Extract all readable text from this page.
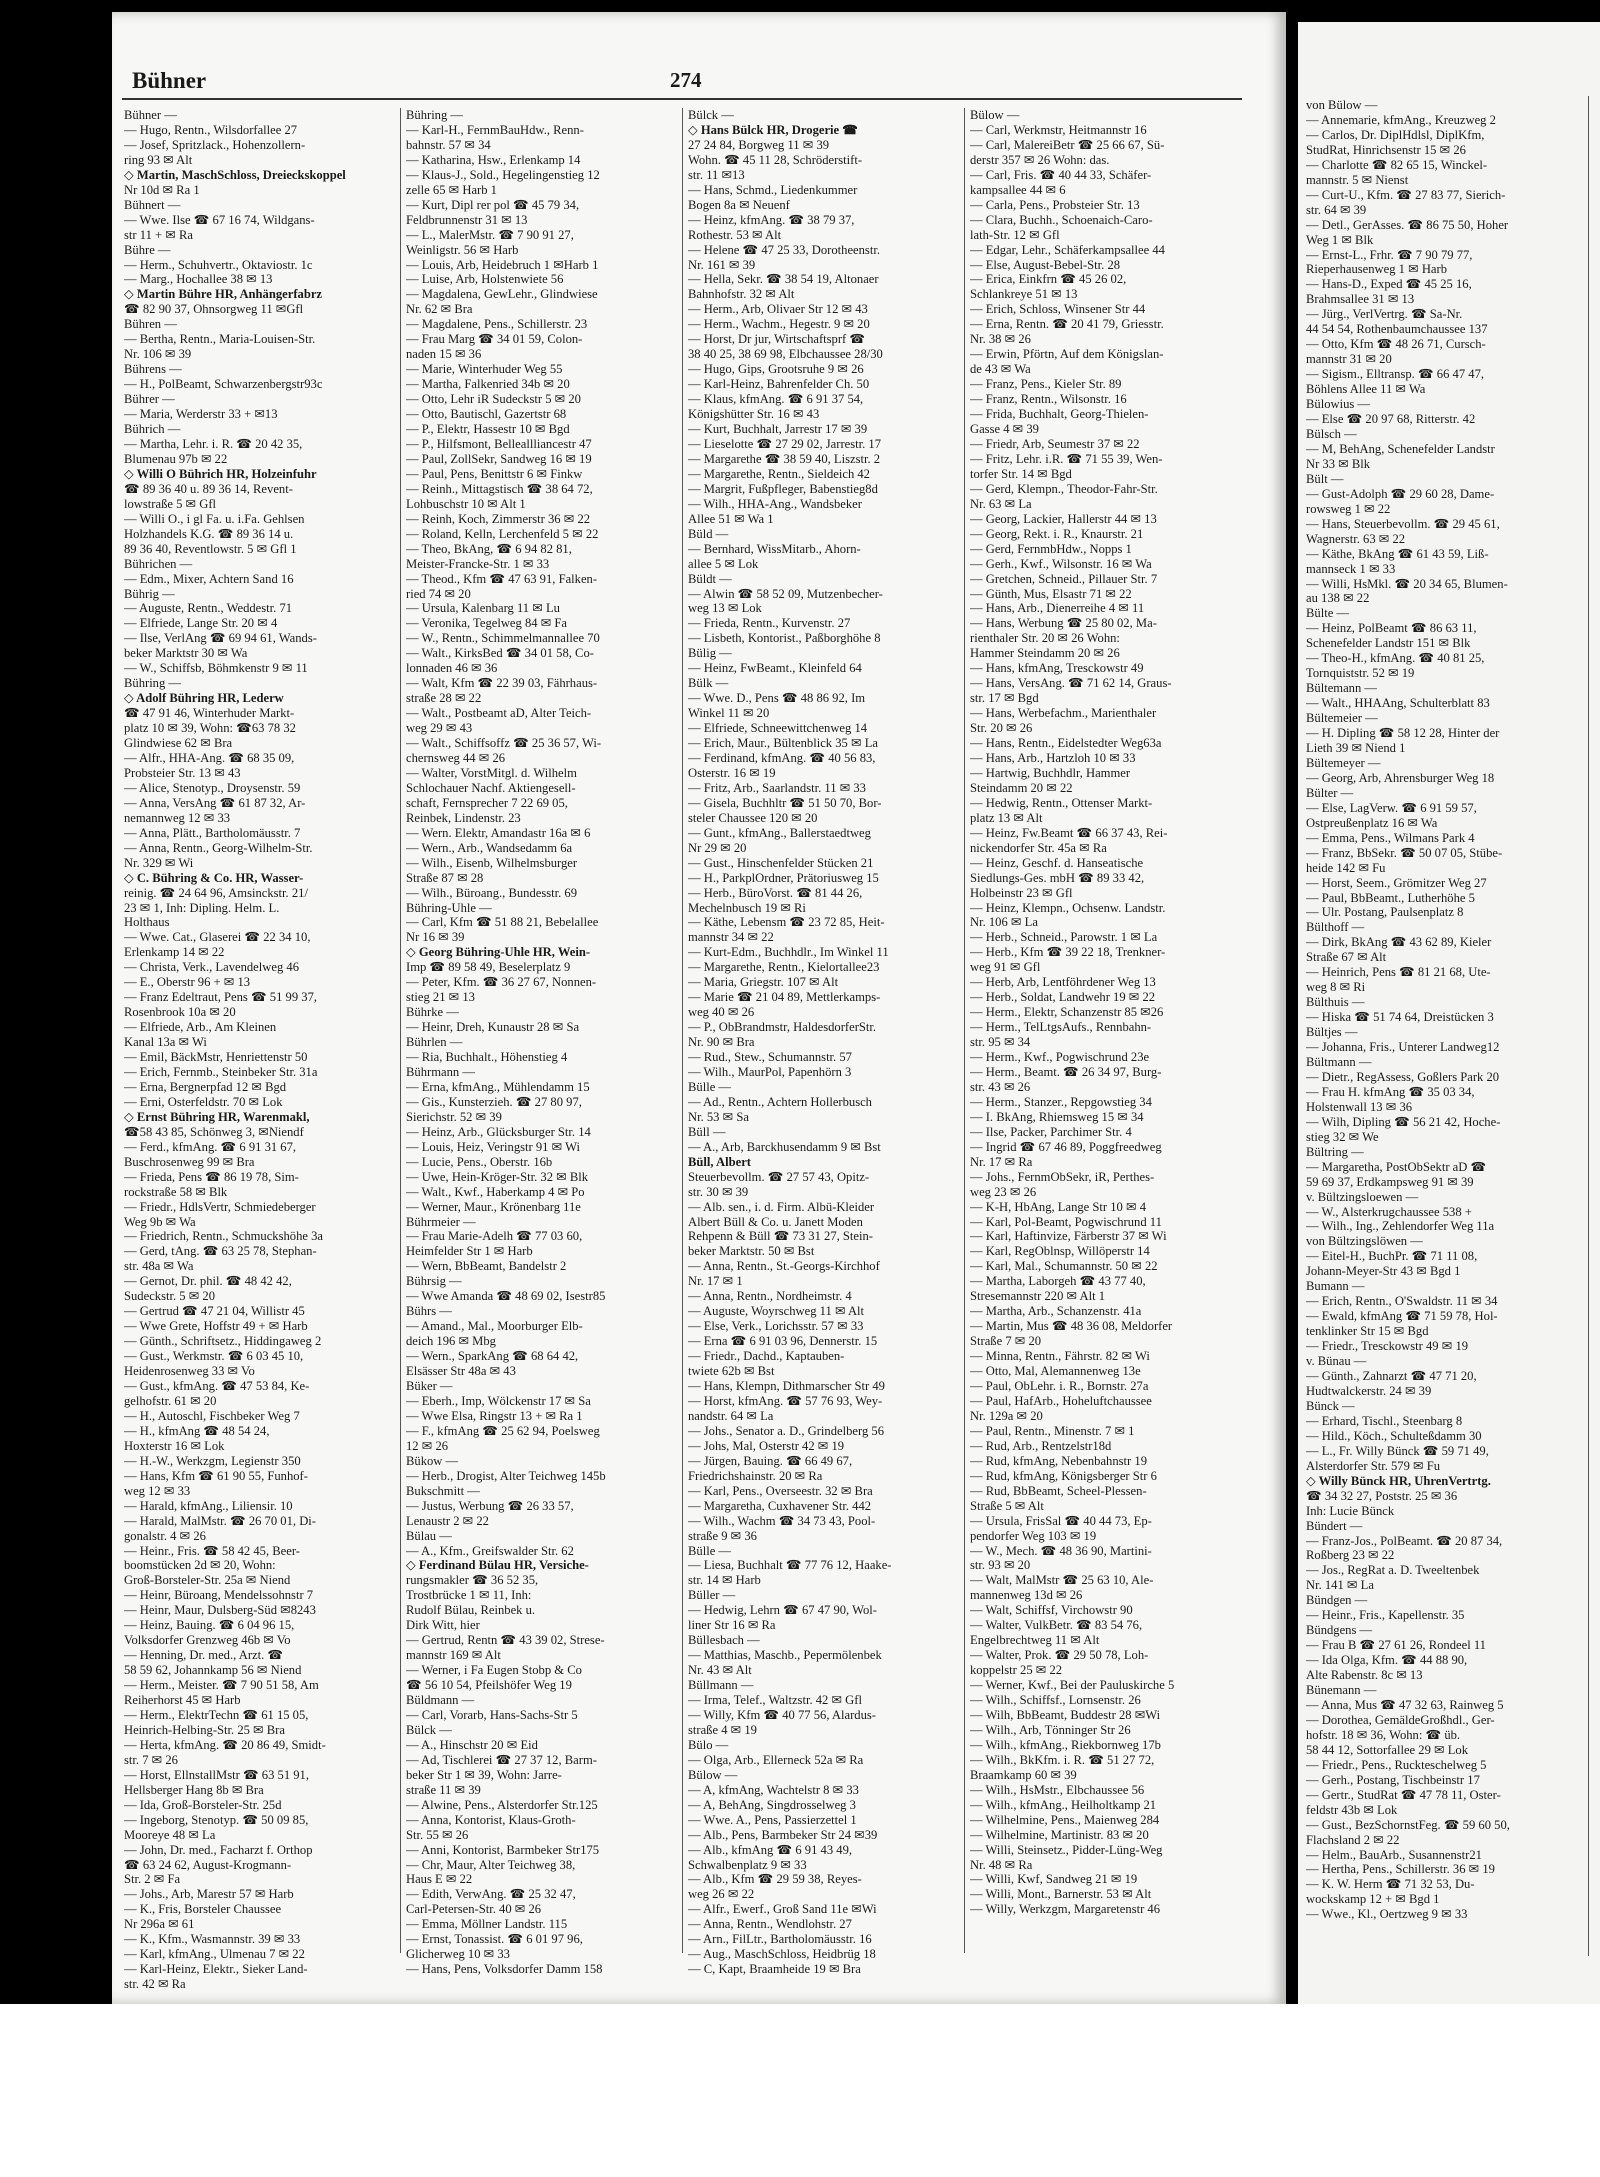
Bühner	274
Bühner —
— Hugo, Rentn., Wilsdorfallee 27
— Josef, Spritzlack., Hohenzollern-
ring 93 ✉ Alt
◇ Martin, MaschSchloss, Dreieckskoppel
Nr 10d ✉ Ra 1
Bühnert —
— Wwe. Ilse ☎ 67 16 74, Wildgans-
str 11 + ✉ Ra
Bühre —
— Herm., Schuhvertr., Oktaviostr. 1c
— Marg., Hochallee 38 ✉ 13
◇ Martin Bühre HR, Anhängerfabrz
☎ 82 90 37, Ohnsorgweg 11 ✉Gfl
Bühren —
— Bertha, Rentn., Maria-Louisen-Str.
Nr. 106 ✉ 39
Bührens —
— H., PolBeamt, Schwarzenbergstr93c
Bührer —
— Maria, Werderstr 33 + ✉13
Bührich —
— Martha, Lehr. i. R. ☎ 20 42 35,
Blumenau 97b ✉ 22
◇ Willi O Bührich HR, Holzeinfuhr
☎ 89 36 40 u. 89 36 14, Revent-
lowstraße 5 ✉ Gfl
— Willi O., i gl Fa. u. i.Fa. Gehlsen
Holzhandels K.G. ☎ 89 36 14 u.
89 36 40, Reventlowstr. 5 ✉ Gfl 1
Bührichen —
— Edm., Mixer, Achtern Sand 16
Bührig —
— Auguste, Rentn., Weddestr. 71
— Elfriede, Lange Str. 20 ✉ 4
— Ilse, VerlAng ☎ 69 94 61, Wands-
beker Marktstr 30 ✉ Wa
— W., Schiffsb, Böhmkenstr 9 ✉ 11
Bühring —
◇ Adolf Bühring HR, Lederw
☎ 47 91 46, Winterhuder Markt-
platz 10 ✉ 39, Wohn: ☎63 78 32
Glindwiese 62 ✉ Bra
— Alfr., HHA-Ang. ☎ 68 35 09,
Probsteier Str. 13 ✉ 43
— Alice, Stenotyp., Droysenstr. 59
— Anna, VersAng ☎ 61 87 32, Ar-
nemannweg 12 ✉ 33
— Anna, Plätt., Bartholomäusstr. 7
— Anna, Rentn., Georg-Wilhelm-Str.
Nr. 329 ✉ Wi
◇ C. Bühring & Co. HR, Wasser-
reinig. ☎ 24 64 96, Amsinckstr. 21/
23 ✉ 1, Inh: Dipling. Helm. L.
Holthaus
— Wwe. Cat., Glaserei ☎ 22 34 10,
Erlenkamp 14 ✉ 22
— Christa, Verk., Lavendelweg 46
— E., Oberstr 96 + ✉ 13
— Franz Edeltraut, Pens ☎ 51 99 37,
Rosenbrook 10a ✉ 20
— Elfriede, Arb., Am Kleinen
Kanal 13a ✉ Wi
— Emil, BäckMstr, Henriettenstr 50
— Erich, Fernmb., Steinbeker Str. 31a
— Erna, Bergnerpfad 12 ✉ Bgd
— Erni, Osterfeldstr. 70 ✉ Lok
◇ Ernst Bühring HR, Warenmakl,
☎58 43 85, Schönweg 3, ✉Niendf
— Ferd., kfmAng. ☎ 6 91 31 67,
Buschrosenweg 99 ✉ Bra
— Frieda, Pens ☎ 86 19 78, Sim-
rockstraße 58 ✉ Blk
— Friedr., HdlsVertr, Schmiedeberger
Weg 9b ✉ Wa
— Friedrich, Rentn., Schmuckshöhe 3a
— Gerd, tAng. ☎ 63 25 78, Stephan-
str. 48a ✉ Wa
— Gernot, Dr. phil. ☎ 48 42 42,
Sudeckstr. 5 ✉ 20
— Gertrud ☎ 47 21 04, Willistr 45
— Wwe Grete, Hoffstr 49 + ✉ Harb
— Günth., Schriftsetz., Hiddingaweg 2
— Gust., Werkmstr. ☎ 6 03 45 10,
Heidenrosenweg 33 ✉ Vo
— Gust., kfmAng. ☎ 47 53 84, Ke-
gelhofstr. 61 ✉ 20
— H., Autoschl, Fischbeker Weg 7
— H., kfmAng ☎ 48 54 24,
Hoxterstr 16 ✉ Lok
— H.-W., Werkzgm, Legienstr 350
— Hans, Kfm ☎ 61 90 55, Funhof-
weg 12 ✉ 33
— Harald, kfmAng., Liliensir. 10
— Harald, MalMstr. ☎ 26 70 01, Di-
gonalstr. 4 ✉ 26
— Heinr., Fris. ☎ 58 42 45, Beer-
boomstücken 2d ✉ 20, Wohn:
Groß-Borsteler-Str. 25a ✉ Niend
— Heinr, Büroang, Mendelssohnstr 7
— Heinr, Maur, Dulsberg-Süd ✉8243
— Heinz, Bauing. ☎ 6 04 96 15,
Volksdorfer Grenzweg 46b ✉ Vo
— Henning, Dr. med., Arzt. ☎
58 59 62, Johannkamp 56 ✉ Niend
— Herm., Meister. ☎ 7 90 51 58, Am
Reiherhorst 45 ✉ Harb
— Herm., ElektrTechn ☎ 61 15 05,
Heinrich-Helbing-Str. 25 ✉ Bra
— Herta, kfmAng. ☎ 20 86 49, Smidt-
str. 7 ✉ 26
— Horst, EllnstallMstr ☎ 63 51 91,
Hellsberger Hang 8b ✉ Bra
— Ida, Groß-Borsteler-Str. 25d
— Ingeborg, Stenotyp. ☎ 50 09 85,
Mooreye 48 ✉ La
— John, Dr. med., Facharzt f. Orthop
☎ 63 24 62, August-Krogmann-
Str. 2 ✉ Fa
— Johs., Arb, Marestr 57 ✉ Harb
— K., Fris, Borsteler Chaussee
Nr 296a ✉ 61
— K., Kfm., Wasmannstr. 39 ✉ 33
— Karl, kfmAng., Ulmenau 7 ✉ 22
— Karl-Heinz, Elektr., Sieker Land-
str. 42 ✉ Ra
Bühring —
— Karl-H., FernmBauHdw., Renn-
bahnstr. 57 ✉ 34
— Katharina, Hsw., Erlenkamp 14
— Klaus-J., Sold., Hegelingenstieg 12
zelle 65 ✉ Harb 1
— Kurt, Dipl rer pol ☎ 45 79 34,
Feldbrunnenstr 31 ✉ 13
— L., MalerMstr. ☎ 7 90 91 27,
Weinligstr. 56 ✉ Harb
— Louis, Arb, Heidebruch 1 ✉Harb 1
— Luise, Arb, Holstenwiete 56
— Magdalena, GewLehr., Glindwiese
Nr. 62 ✉ Bra
— Magdalene, Pens., Schillerstr. 23
— Frau Marg ☎ 34 01 59, Colon-
naden 15 ✉ 36
— Marie, Winterhuder Weg 55
— Martha, Falkenried 34b ✉ 20
— Otto, Lehr iR Sudeckstr 5 ✉ 20
— Otto, Bautischl, Gazertstr 68
— P., Elektr, Hassestr 10 ✉ Bgd
— P., Hilfsmont, Belleallliancestr 47
— Paul, ZollSekr, Sandweg 16 ✉ 19
— Paul, Pens, Benittstr 6 ✉ Finkw
— Reinh., Mittagstisch ☎ 38 64 72,
Lohbuschstr 10 ✉ Alt 1
— Reinh, Koch, Zimmerstr 36 ✉ 22
— Roland, Kelln, Lerchenfeld 5 ✉ 22
— Theo, BkAng, ☎ 6 94 82 81,
Meister-Francke-Str. 1 ✉ 33
— Theod., Kfm ☎ 47 63 91, Falken-
ried 74 ✉ 20
— Ursula, Kalenbarg 11 ✉ Lu
— Veronika, Tegelweg 84 ✉ Fa
— W., Rentn., Schimmelmannallee 70
— Walt., KirksBed ☎ 34 01 58, Co-
lonnaden 46 ✉ 36
— Walt, Kfm ☎ 22 39 03, Fährhaus-
straße 28 ✉ 22
— Walt., Postbeamt aD, Alter Teich-
weg 29 ✉ 43
— Walt., Schiffsoffz ☎ 25 36 57, Wi-
chernsweg 44 ✉ 26
— Walter, VorstMitgl. d. Wilhelm
Schlochauer Nachf. Aktiengesell-
schaft, Fernsprecher 7 22 69 05,
Reinbek, Lindenstr. 23
— Wern. Elektr, Amandastr 16a ✉ 6
— Wern., Arb., Wandsedamm 6a
— Wilh., Eisenb, Wilhelmsburger
Straße 87 ✉ 28
— Wilh., Büroang., Bundesstr. 69
Bühring-Uhle —
— Carl, Kfm ☎ 51 88 21, Bebelallee
Nr 16 ✉ 39
◇ Georg Bühring-Uhle HR, Wein-
Imp ☎ 89 58 49, Beselerplatz 9
— Peter, Kfm. ☎ 36 27 67, Nonnen-
stieg 21 ✉ 13
Bührke —
— Heinr, Dreh, Kunaustr 28 ✉ Sa
Bührlen —
— Ria, Buchhalt., Höhenstieg 4
Bührmann —
— Erna, kfmAng., Mühlendamm 15
— Gis., Kunsterzieh. ☎ 27 80 97,
Sierichstr. 52 ✉ 39
— Heinz, Arb., Glücksburger Str. 14
— Louis, Heiz, Veringstr 91 ✉ Wi
— Lucie, Pens., Oberstr. 16b
— Uwe, Hein-Kröger-Str. 32 ✉ Blk
— Walt., Kwf., Haberkamp 4 ✉ Po
— Werner, Maur., Krönenbarg 11e
Bührmeier —
— Frau Marie-Adelh ☎ 77 03 60,
Heimfelder Str 1 ✉ Harb
— Wern, BbBeamt, Bandelstr 2
Bührsig —
— Wwe Amanda ☎ 48 69 02, Isestr85
Bührs —
— Amand., Mal., Moorburger Elb-
deich 196 ✉ Mbg
— Wern., SparkAng ☎ 68 64 42,
Elsässer Str 48a ✉ 43
Büker —
— Eberh., Imp, Wölckenstr 17 ✉ Sa
— Wwe Elsa, Ringstr 13 + ✉ Ra 1
— F., kfmAng ☎ 25 62 94, Poelsweg
12 ✉ 26
Bükow —
— Herb., Drogist, Alter Teichweg 145b
Bukschmitt —
— Justus, Werbung ☎ 26 33 57,
Lenaustr 2 ✉ 22
Bülau —
— A., Kfm., Greifswalder Str. 62
◇ Ferdinand Bülau HR, Versiche-
rungsmakler ☎ 36 52 35,
Trostbrücke 1 ✉ 11, Inh:
Rudolf Bülau, Reinbek u.
Dirk Witt, hier
— Gertrud, Rentn ☎ 43 39 02, Strese-
mannstr 169 ✉ Alt
— Werner, i Fa Eugen Stobp & Co
☎ 56 10 54, Pfeilshöfer Weg 19
Büldmann —
— Carl, Vorarb, Hans-Sachs-Str 5
Bülck —
— A., Hinschstr 20 ✉ Eid
— Ad, Tischlerei ☎ 27 37 12, Barm-
beker Str 1 ✉ 39, Wohn: Jarre-
straße 11 ✉ 39
— Alwine, Pens., Alsterdorfer Str.125
— Anna, Kontorist, Klaus-Groth-
Str. 55 ✉ 26
— Anni, Kontorist, Barmbeker Str175
— Chr, Maur, Alter Teichweg 38,
Haus E ✉ 22
— Edith, VerwAng. ☎ 25 32 47,
Carl-Petersen-Str. 40 ✉ 26
— Emma, Möllner Landstr. 115
— Ernst, Tonassist. ☎ 6 01 97 96,
Glicherweg 10 ✉ 33
— Hans, Pens, Volksdorfer Damm 158
Bülck —
◇ Hans Bülck HR, Drogerie ☎
27 24 84, Borgweg 11 ✉ 39
Wohn. ☎ 45 11 28, Schröderstift-
str. 11 ✉13
— Hans, Schmd., Liedenkummer
Bogen 8a ✉ Neuenf
— Heinz, kfmAng. ☎ 38 79 37,
Rothestr. 53 ✉ Alt
— Helene ☎ 47 25 33, Dorotheenstr.
Nr. 161 ✉ 39
— Hella, Sekr. ☎ 38 54 19, Altonaer
Bahnhofstr. 32 ✉ Alt
— Herm., Arb, Olivaer Str 12 ✉ 43
— Herm., Wachm., Hegestr. 9 ✉ 20
— Horst, Dr jur, Wirtschaftsprf ☎
38 40 25, 38 69 98, Elbchaussee 28/30
— Hugo, Gips, Grootsruhe 9 ✉ 26
— Karl-Heinz, Bahrenfelder Ch. 50
— Klaus, kfmAng. ☎ 6 91 37 54,
Königshütter Str. 16 ✉ 43
— Kurt, Buchhalt, Jarrestr 17 ✉ 39
— Lieselotte ☎ 27 29 02, Jarrestr. 17
— Margarethe ☎ 38 59 40, Liszstr. 2
— Margarethe, Rentn., Sieldeich 42
— Margrit, Fußpfleger, Babenstieg8d
— Wilh., HHA-Ang., Wandsbeker
Allee 51 ✉ Wa 1
Büld —
— Bernhard, WissMitarb., Ahorn-
allee 5 ✉ Lok
Büldt —
— Alwin ☎ 58 52 09, Mutzenbecher-
weg 13 ✉ Lok
— Frieda, Rentn., Kurvenstr. 27
— Lisbeth, Kontorist., Paßborghöhe 8
Bülig —
— Heinz, FwBeamt., Kleinfeld 64
Bülk —
— Wwe. D., Pens ☎ 48 86 92, Im
Winkel 11 ✉ 20
— Elfriede, Schneewittchenweg 14
— Erich, Maur., Bültenblick 35 ✉ La
— Ferdinand, kfmAng. ☎ 40 56 83,
Osterstr. 16 ✉ 19
— Fritz, Arb., Saarlandstr. 11 ✉ 33
— Gisela, Buchhltr ☎ 51 50 70, Bor-
steler Chaussee 120 ✉ 20
— Gunt., kfmAng., Ballerstaedtweg
Nr 29 ✉ 20
— Gust., Hinschenfelder Stücken 21
— H., ParkplOrdner, Prätoriusweg 15
— Herb., BüroVorst. ☎ 81 44 26,
Mechelnbusch 19 ✉ Ri
— Käthe, Lebensm ☎ 23 72 85, Heit-
mannstr 34 ✉ 22
— Kurt-Edm., Buchhdlr., Im Winkel 11
— Margarethe, Rentn., Kielortallee23
— Maria, Griegstr. 107 ✉ Alt
— Marie ☎ 21 04 89, Mettlerkamps-
weg 40 ✉ 26
— P., ObBrandmstr, HaldesdorferStr.
Nr. 90 ✉ Bra
— Rud., Stew., Schumannstr. 57
— Wilh., MaurPol, Papenhörn 3
Bülle —
— Ad., Rentn., Achtern Hollerbusch
Nr. 53 ✉ Sa
Büll —
— A., Arb, Barckhusendamm 9 ✉ Bst
Büll, Albert
Steuerbevollm. ☎ 27 57 43, Opitz-
str. 30 ✉ 39
— Alb. sen., i. d. Firm. Albü-Kleider
Albert Büll & Co. u. Janett Moden
Rehpenn & Büll ☎ 73 31 27, Stein-
beker Marktstr. 50 ✉ Bst
— Anna, Rentn., St.-Georgs-Kirchhof
Nr. 17 ✉ 1
— Anna, Rentn., Nordheimstr. 4
— Auguste, Woyrschweg 11 ✉ Alt
— Else, Verk., Lorichsstr. 57 ✉ 33
— Erna ☎ 6 91 03 96, Dennerstr. 15
— Friedr., Dachd., Kaptauben-
twiete 62b ✉ Bst
— Hans, Klempn, Dithmarscher Str 49
— Horst, kfmAng. ☎ 57 76 93, Wey-
nandstr. 64 ✉ La
— Johs., Senator a. D., Grindelberg 56
— Johs, Mal, Osterstr 42 ✉ 19
— Jürgen, Bauing. ☎ 66 49 67,
Friedrichshainstr. 20 ✉ Ra
— Karl, Pens., Overseestr. 32 ✉ Bra
— Margaretha, Cuxhavener Str. 442
— Wilh., Wachm ☎ 34 73 43, Pool-
straße 9 ✉ 36
Bülle —
— Liesa, Buchhalt ☎ 77 76 12, Haake-
str. 14 ✉ Harb
Büller —
— Hedwig, Lehrn ☎ 67 47 90, Wol-
liner Str 16 ✉ Ra
Büllesbach —
— Matthias, Maschb., Pepermölenbek
Nr. 43 ✉ Alt
Büllmann —
— Irma, Telef., Waltzstr. 42 ✉ Gfl
— Willy, Kfm ☎ 40 77 56, Alardus-
straße 4 ✉ 19
Bülo —
— Olga, Arb., Ellerneck 52a ✉ Ra
Bülow —
— A, kfmAng, Wachtelstr 8 ✉ 33
— A, BehAng, Singdrosselweg 3
— Wwe. A., Pens, Passierzettel 1
— Alb., Pens, Barmbeker Str 24 ✉39
— Alb., kfmAng ☎ 6 91 43 49,
Schwalbenplatz 9 ✉ 33
— Alb., Kfm ☎ 29 59 38, Reyes-
weg 26 ✉ 22
— Alfr., Ewerf., Groß Sand 11e ✉Wi
— Anna, Rentn., Wendlohstr. 27
— Arn., FilLtr., Bartholomäusstr. 16
— Aug., MaschSchloss, Heidbrüg 18
— C, Kapt, Braamheide 19 ✉ Bra
Bülow —
— Carl, Werkmstr, Heitmannstr 16
— Carl, MalereiBetr ☎ 25 66 67, Sü-
derstr 357 ✉ 26 Wohn: das.
— Carl, Fris. ☎ 40 44 33, Schäfer-
kampsallee 44 ✉ 6
— Carla, Pens., Probsteier Str. 13
— Clara, Buchh., Schoenaich-Caro-
lath-Str. 12 ✉ Gfl
— Edgar, Lehr., Schäferkampsallee 44
— Else, August-Bebel-Str. 28
— Erica, Einkfrn ☎ 45 26 02,
Schlankreye 51 ✉ 13
— Erich, Schloss, Winsener Str 44
— Erna, Rentn. ☎ 20 41 79, Griesstr.
Nr. 38 ✉ 26
— Erwin, Pförtn, Auf dem Königslan-
de 43 ✉ Wa
— Franz, Pens., Kieler Str. 89
— Franz, Rentn., Wilsonstr. 16
— Frida, Buchhalt, Georg-Thielen-
Gasse 4 ✉ 39
— Friedr, Arb, Seumestr 37 ✉ 22
— Fritz, Lehr. i.R. ☎ 71 55 39, Wen-
torfer Str. 14 ✉ Bgd
— Gerd, Klempn., Theodor-Fahr-Str.
Nr. 63 ✉ La
— Georg, Lackier, Hallerstr 44 ✉ 13
— Georg, Rekt. i. R., Knaurstr. 21
— Gerd, FernmbHdw., Nopps 1
— Gerh., Kwf., Wilsonstr. 16 ✉ Wa
— Gretchen, Schneid., Pillauer Str. 7
— Günth, Mus, Elsastr 71 ✉ 22
— Hans, Arb., Dienerreihe 4 ✉ 11
— Hans, Werbung ☎ 25 80 02, Ma-
rienthaler Str. 20 ✉ 26 Wohn:
Hammer Steindamm 20 ✉ 26
— Hans, kfmAng, Tresckowstr 49
— Hans, VersAng. ☎ 71 62 14, Graus-
str. 17 ✉ Bgd
— Hans, Werbefachm., Marienthaler
Str. 20 ✉ 26
— Hans, Rentn., Eidelstedter Weg63a
— Hans, Arb., Hartzloh 10 ✉ 33
— Hartwig, Buchhdlr, Hammer
Steindamm 20 ✉ 22
— Hedwig, Rentn., Ottenser Markt-
platz 13 ✉ Alt
— Heinz, Fw.Beamt ☎ 66 37 43, Rei-
nickendorfer Str. 45a ✉ Ra
— Heinz, Geschf. d. Hanseatische
Siedlungs-Ges. mbH ☎ 89 33 42,
Holbeinstr 23 ✉ Gfl
— Heinz, Klempn., Ochsenw. Landstr.
Nr. 106 ✉ La
— Herb., Schneid., Parowstr. 1 ✉ La
— Herb., Kfm ☎ 39 22 18, Trenkner-
weg 91 ✉ Gfl
— Herb, Arb, Lentföhrdener Weg 13
— Herb., Soldat, Landwehr 19 ✉ 22
— Herm., Elektr, Schanzenstr 85 ✉26
— Herm., TelLtgsAufs., Rennbahn-
str. 95 ✉ 34
— Herm., Kwf., Pogwischrund 23e
— Herm., Beamt. ☎ 26 34 97, Burg-
str. 43 ✉ 26
— Herm., Stanzer., Repgowstieg 34
— I. BkAng, Rhiemsweg 15 ✉ 34
— Ilse, Packer, Parchimer Str. 4
— Ingrid ☎ 67 46 89, Poggfreedweg
Nr. 17 ✉ Ra
— Johs., FernmObSekr, iR, Perthes-
weg 23 ✉ 26
— K-H, HbAng, Lange Str 10 ✉ 4
— Karl, Pol-Beamt, Pogwischrund 11
— Karl, Haftinvize, Färberstr 37 ✉ Wi
— Karl, RegOblnsp, Willöperstr 14
— Karl, Mal., Schumannstr. 50 ✉ 22
— Martha, Laborgeh ☎ 43 77 40,
Stresemannstr 220 ✉ Alt 1
— Martha, Arb., Schanzenstr. 41a
— Martin, Mus ☎ 48 36 08, Meldorfer
Straße 7 ✉ 20
— Minna, Rentn., Fährstr. 82 ✉ Wi
— Otto, Mal, Alemannenweg 13e
— Paul, ObLehr. i. R., Bornstr. 27a
— Paul, HafArb., Hoheluftchaussee
Nr. 129a ✉ 20
— Paul, Rentn., Minenstr. 7 ✉ 1
— Rud, Arb., Rentzelstr18d
— Rud, kfmAng, Nebenbahnstr 19
— Rud, kfmAng, Königsberger Str 6
— Rud, BbBeamt, Scheel-Plessen-
Straße 5 ✉ Alt
— Ursula, FrisSal ☎ 40 44 73, Ep-
pendorfer Weg 103 ✉ 19
— W., Mech. ☎ 48 36 90, Martini-
str. 93 ✉ 20
— Walt, MalMstr ☎ 25 63 10, Ale-
mannenweg 13d ✉ 26
— Walt, Schiffsf, Virchowstr 90
— Walter, VulkBetr. ☎ 83 54 76,
Engelbrechtweg 11 ✉ Alt
— Walter, Prok. ☎ 29 50 78, Loh-
koppelstr 25 ✉ 22
— Werner, Kwf., Bei der Pauluskirche 5
— Wilh., Schiffsf., Lornsenstr. 26
— Wilh, BbBeamt, Buddestr 28 ✉Wi
— Wilh., Arb, Tönninger Str 26
— Wilh., kfmAng., Riekbornweg 17b
— Wilh., BkKfm. i. R. ☎ 51 27 72,
Braamkamp 60 ✉ 39
— Wilh., HsMstr., Elbchaussee 56
— Wilh., kfmAng., Heilholtkamp 21
— Wilhelmine, Pens., Maienweg 284
— Wilhelmine, Martinistr. 83 ✉ 20
— Willi, Steinsetz., Pidder-Lüng-Weg
Nr. 48 ✉ Ra
— Willi, Kwf, Sandweg 21 ✉ 19
— Willi, Mont., Barnerstr. 53 ✉ Alt
— Willy, Werkzgm, Margaretenstr 46
von Bülow —
— Annemarie, kfmAng., Kreuzweg 2
— Carlos, Dr. DiplHdlsl, DiplKfm,
StudRat, Hinrichsenstr 15 ✉ 26
— Charlotte ☎ 82 65 15, Winckel-
mannstr. 5 ✉ Nienst
— Curt-U., Kfm. ☎ 27 83 77, Sierich-
str. 64 ✉ 39
— Detl., GerAsses. ☎ 86 75 50, Hoher
Weg 1 ✉ Blk
— Ernst-L., Frhr. ☎ 7 90 79 77,
Rieperhausenweg 1 ✉ Harb
— Hans-D., Exped ☎ 45 25 16,
Brahmsallee 31 ✉ 13
— Jürg., VerlVertrg. ☎ Sa-Nr.
44 54 54, Rothenbaumchaussee 137
— Otto, Kfm ☎ 48 26 71, Cursch-
mannstr 31 ✉ 20
— Sigism., Elltransp. ☎ 66 47 47,
Böhlens Allee 11 ✉ Wa
Bülowius —
— Else ☎ 20 97 68, Ritterstr. 42
Bülsch —
— M, BehAng, Schenefelder Landstr
Nr 33 ✉ Blk
Bült —
— Gust-Adolph ☎ 29 60 28, Dame-
rowsweg 1 ✉ 22
— Hans, Steuerbevollm. ☎ 29 45 61,
Wagnerstr. 63 ✉ 22
— Käthe, BkAng ☎ 61 43 59, Liß-
mannseck 1 ✉ 33
— Willi, HsMkl. ☎ 20 34 65, Blumen-
au 138 ✉ 22
Bülte —
— Heinz, PolBeamt ☎ 86 63 11,
Schenefelder Landstr 151 ✉ Blk
— Theo-H., kfmAng. ☎ 40 81 25,
Tornquiststr. 52 ✉ 19
Bültemann —
— Walt., HHAAng, Schulterblatt 83
Bültemeier —
— H. Dipling ☎ 58 12 28, Hinter der
Lieth 39 ✉ Niend 1
Bültemeyer —
— Georg, Arb, Ahrensburger Weg 18
Bülter —
— Else, LagVerw. ☎ 6 91 59 57,
Ostpreußenplatz 16 ✉ Wa
— Emma, Pens., Wilmans Park 4
— Franz, BbSekr. ☎ 50 07 05, Stübe-
heide 142 ✉ Fu
— Horst, Seem., Grömitzer Weg 27
— Paul, BbBeamt., Lutherhöhe 5
— Ulr. Postang, Paulsenplatz 8
Bülthoff —
— Dirk, BkAng ☎ 43 62 89, Kieler
Straße 67 ✉ Alt
— Heinrich, Pens ☎ 81 21 68, Ute-
weg 8 ✉ Ri
Bülthuis —
— Hiska ☎ 51 74 64, Dreistücken 3
Bültjes —
— Johanna, Fris., Unterer Landweg12
Bültmann —
— Dietr., RegAssess, Goßlers Park 20
— Frau H. kfmAng ☎ 35 03 34,
Holstenwall 13 ✉ 36
— Wilh, Dipling ☎ 56 21 42, Hoche-
stieg 32 ✉ We
Bültring —
— Margaretha, PostObSektr aD ☎
59 69 37, Erdkampsweg 91 ✉ 39
v. Bültzingsloewen —
— W., Alsterkrugchaussee 538 +
— Wilh., Ing., Zehlendorfer Weg 11a
von Bültzingslöwen —
— Eitel-H., BuchPr. ☎ 71 11 08,
Johann-Meyer-Str 43 ✉ Bgd 1
Bumann —
— Erich, Rentn., O'Swaldstr. 11 ✉ 34
— Ewald, kfmAng ☎ 71 59 78, Hol-
tenklinker Str 15 ✉ Bgd
— Friedr., Tresckowstr 49 ✉ 19
v. Bünau —
— Günth., Zahnarzt ☎ 47 71 20,
Hudtwalckerstr. 24 ✉ 39
Bünck —
— Erhard, Tischl., Steenbarg 8
— Hild., Köch., Schulteßdamm 30
— L., Fr. Willy Bünck ☎ 59 71 49,
Alsterdorfer Str. 579 ✉ Fu
◇ Willy Bünck HR, UhrenVertrtg.
☎ 34 32 27, Poststr. 25 ✉ 36
Inh: Lucie Bünck
Bündert —
— Franz-Jos., PolBeamt. ☎ 20 87 34,
Roßberg 23 ✉ 22
— Jos., RegRat a. D. Tweeltenbek
Nr. 141 ✉ La
Bündgen —
— Heinr., Fris., Kapellenstr. 35
Bündgens —
— Frau B ☎ 27 61 26, Rondeel 11
— Ida Olga, Kfm. ☎ 44 88 90,
Alte Rabenstr. 8c ✉ 13
Bünemann —
— Anna, Mus ☎ 47 32 63, Rainweg 5
— Dorothea, GemäldeGroßhdl., Ger-
hofstr. 18 ✉ 36, Wohn: ☎ üb.
58 44 12, Sottorfallee 29 ✉ Lok
— Friedr., Pens., Ruckteschelweg 5
— Gerh., Postang, Tischbeinstr 17
— Gertr., StudRat ☎ 47 78 11, Oster-
feldstr 43b ✉ Lok
— Gust., BezSchornstFeg. ☎ 59 60 50,
Flachsland 2 ✉ 22
— Helm., BauArb., Susannenstr21
— Hertha, Pens., Schillerstr. 36 ✉ 19
— K. W. Herm ☎ 71 32 53, Du-
wockskamp 12 + ✉ Bgd 1
— Wwe., Kl., Oertzweg 9 ✉ 33
